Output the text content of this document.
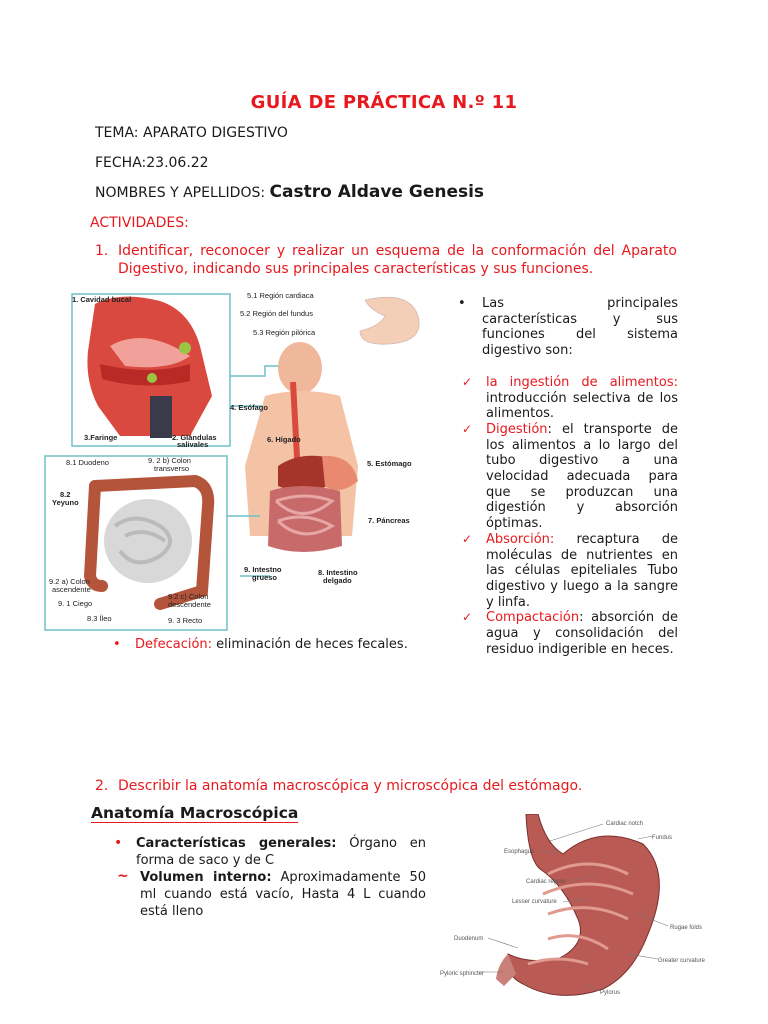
GUÍA DE PRÁCTICA N.º 11
TEMA: APARATO DIGESTIVO
FECHA:23.06.22
NOMBRES Y APELLIDOS: Castro Aldave Genesis
ACTIVIDADES:
1. Identificar, reconocer y realizar un esquema de la conformación del Aparato Digestivo, indicando sus principales características y sus funciones.
1. Cavidad bucal
3.Faringe	2. Glándulas
salivales
4. Esófago
5.1 Región cardiaca
5.2 Región del fundus
5.3 Región pilórica
6. Hígado
5. Estómago
7. Páncreas
8.1 Duodeno	9. 2 b) Colon
transverso
8.2
Yeyuno
9.2 a) Colon
ascendente
9. 1 Ciego
8.3 Íleo
9.2 c) Colon
descendente
9. 3 Recto
9. Intestno
grueso
8. Intestino
delgado
• Las principales características y sus funciones del sistema digestivo son:
✓ la ingestión de alimentos: introducción selectiva de los alimentos.
✓ Digestión: el transporte de los alimentos a lo largo del tubo digestivo a una velocidad adecuada para que se produzcan una digestión y absorción óptimas.
✓ Absorción: recaptura de moléculas de nutrientes en las células epiteliales Tubo digestivo y luego a la sangre y linfa.
✓ Compactación: absorción de agua y consolidación del residuo indigerible en heces.
• Defecación: eliminación de heces fecales.
2. Describir la anatomía macroscópica y microscópica del estómago.
Anatomía Macroscópica
• Características generales: Órgano en forma de saco y de C
~ Volumen interno: Aproximadamente 50 ml cuando está vacío, Hasta 4 L cuando está lleno
Cardiac notch
Fundus
Esophagus
Cardiac region
Lesser curvature
Rugae folds
Duodenum
Greater curvature
Pyloric sphincter
Pylorus
